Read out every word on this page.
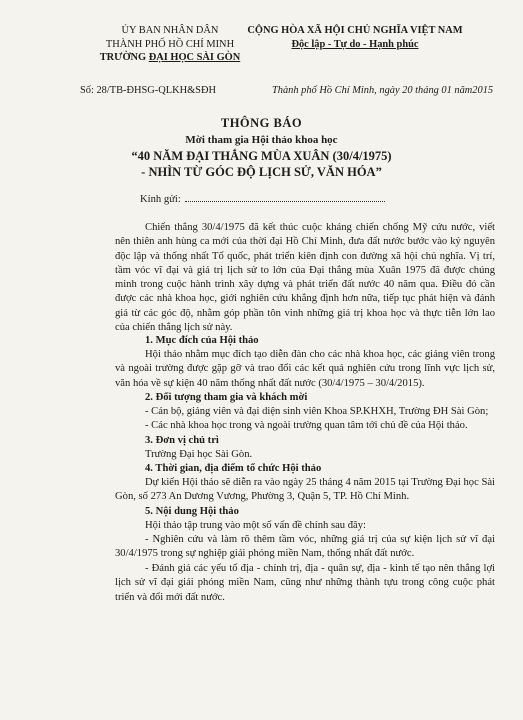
ỦY BAN NHÂN DÂN
THÀNH PHỐ HỒ CHÍ MINH
TRƯỜNG ĐẠI HỌC SÀI GÒN
CỘNG HÒA XÃ HỘI CHỦ NGHĨA VIỆT NAM
Độc lập - Tự do - Hạnh phúc
Số: 28/TB-ĐHSG-QLKH&SĐH	Thành phố Hồ Chí Minh, ngày 20 tháng 01 năm2015
THÔNG BÁO
Mời tham gia Hội thảo khoa học
“40 NĂM ĐẠI THẮNG MÙA XUÂN (30/4/1975)
- NHÌN TỪ GÓC ĐỘ LỊCH SỬ, VĂN HÓA”
Kính gửi:
Chiến thắng 30/4/1975 đã kết thúc cuộc kháng chiến chống Mỹ cứu nước, viết nên thiên anh hùng ca mới của thời đại Hồ Chí Minh, đưa đất nước bước vào kỷ nguyên độc lập và thống nhất Tổ quốc, phát triển kiên định con đường xã hội chủ nghĩa. Vị trí, tầm vóc vĩ đại và giá trị lịch sử to lớn của Đại thắng mùa Xuân 1975 đã được chúng minh trong cuộc hành trình xây dựng và phát triển đất nước 40 năm qua. Điều đó cần được các nhà khoa học, giới nghiên cứu khẳng định hơn nữa, tiếp tục phát hiện và đánh giá từ các góc độ, nhằm góp phần tôn vinh những giá trị khoa học và thực tiễn lớn lao của chiến thắng lịch sử này.
1. Mục đích của Hội thảo
Hội thảo nhằm mục đích tạo diễn đàn cho các nhà khoa học, các giảng viên trong và ngoài trường được gặp gỡ và trao đổi các kết quả nghiên cứu trong lĩnh vực lịch sử, văn hóa về sự kiện 40 năm thống nhất đất nước (30/4/1975 – 30/4/2015).
2. Đối tượng tham gia và khách mời
- Cán bộ, giảng viên và đại diện sinh viên Khoa SP.KHXH, Trường ĐH Sài Gòn;
- Các nhà khoa học trong và ngoài trường quan tâm tới chủ đề của Hội thảo.
3. Đơn vị chủ trì
Trường Đại học Sài Gòn.
4. Thời gian, địa điểm tổ chức Hội thảo
Dự kiến Hội thảo sẽ diễn ra vào ngày 25 tháng 4 năm 2015 tại Trường Đại học Sài Gòn, số 273 An Dương Vương, Phường 3, Quận 5, TP. Hồ Chí Minh.
5. Nội dung Hội thảo
Hội thảo tập trung vào một số vấn đề chính sau đây:
- Nghiên cứu và làm rõ thêm tầm vóc, những giá trị của sự kiện lịch sử vĩ đại 30/4/1975 trong sự nghiệp giải phóng miền Nam, thống nhất đất nước.
- Đánh giá các yếu tố địa - chính trị, địa - quân sự, địa - kinh tế tạo nên thắng lợi lịch sử vĩ đại giải phóng miền Nam, cũng như những thành tựu trong công cuộc phát triển và đổi mới đất nước.
